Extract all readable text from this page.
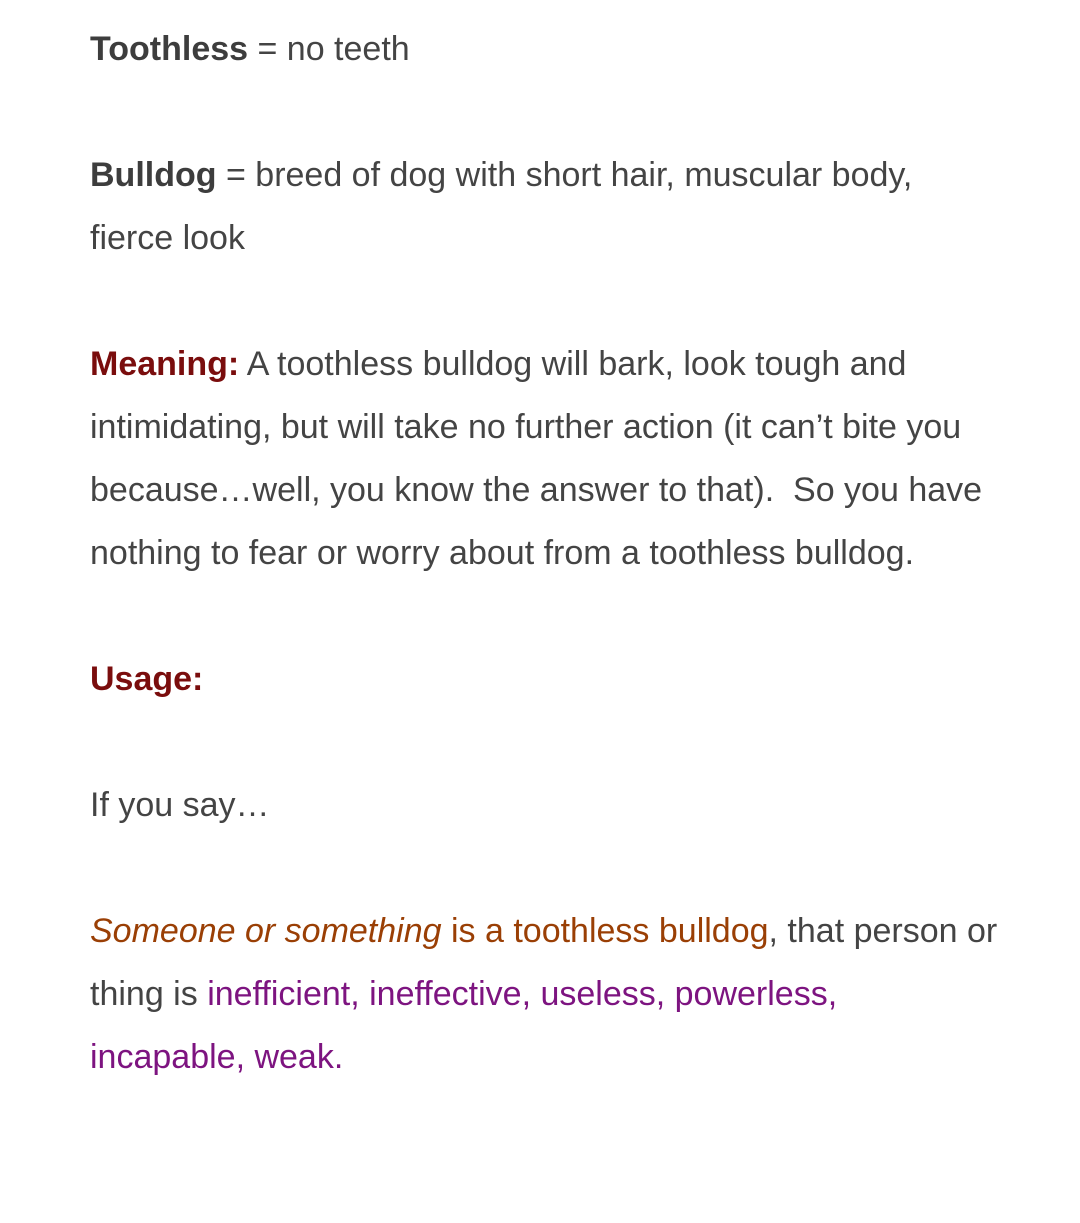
Toothless = no teeth

Bulldog = breed of dog with short hair, muscular body, fierce look

Meaning: A toothless bulldog will bark, look tough and intimidating, but will take no further action (it can’t bite you because…well, you know the answer to that).  So you have nothing to fear or worry about from a toothless bulldog.

Usage:

If you say…

Someone or something is a toothless bulldog, that person or thing is inefficient, ineffective, useless, powerless, incapable, weak.
